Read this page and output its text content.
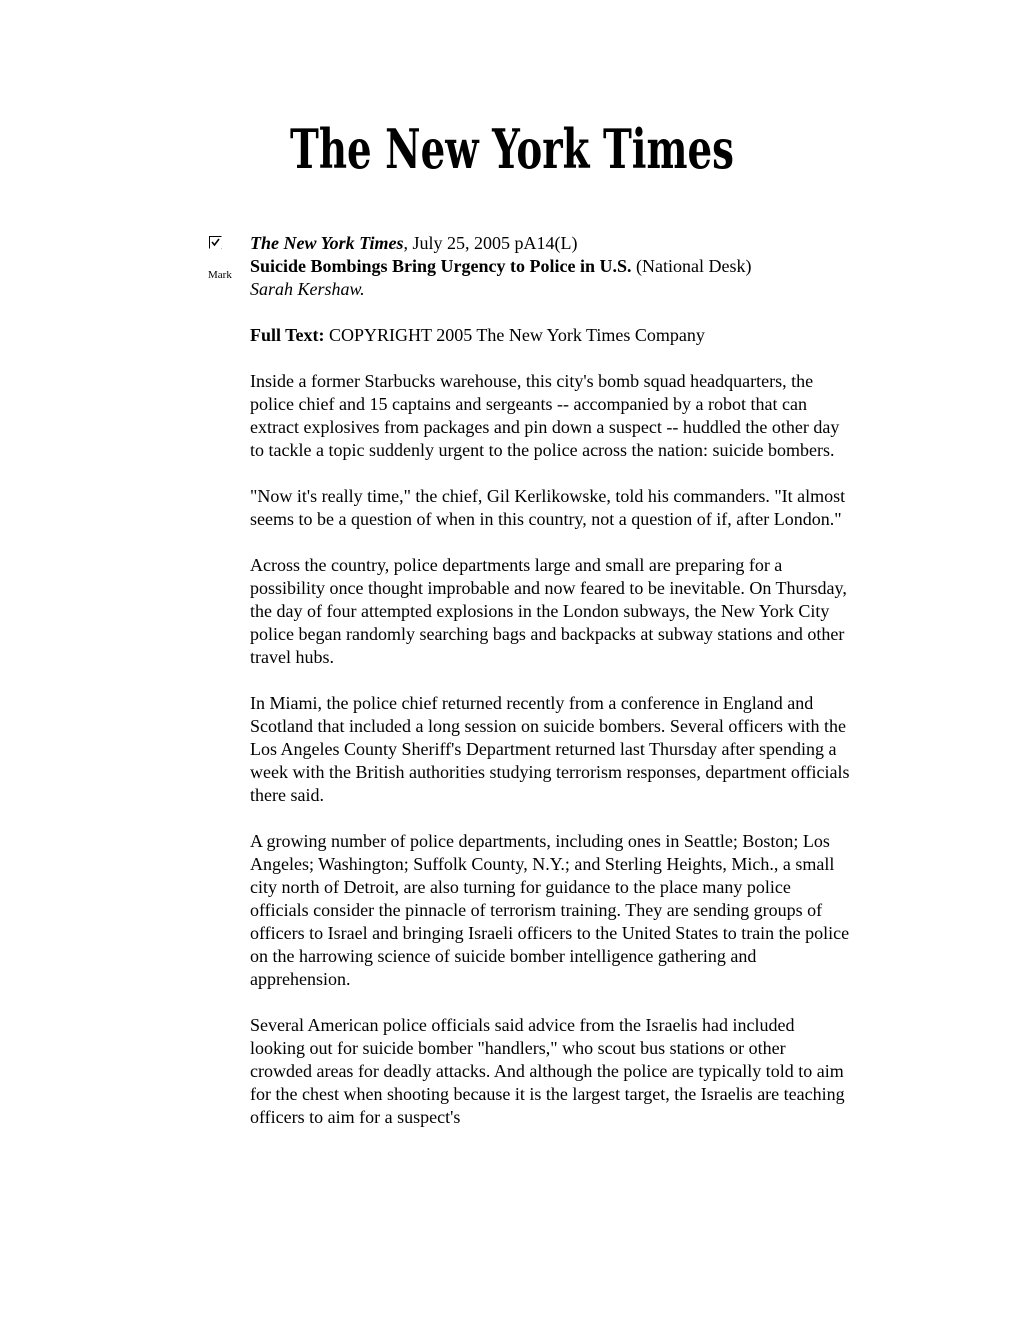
The New York Times
Mark

The New York Times, July 25, 2005 pA14(L)

Suicide Bombings Bring Urgency to Police in U.S. (National Desk)

Sarah Kershaw.

Full Text: COPYRIGHT 2005 The New York Times Company

Inside a former Starbucks warehouse, this city's bomb squad headquarters, the police chief and 15 captains and sergeants -- accompanied by a robot that can extract explosives from packages and pin down a suspect -- huddled the other day to tackle a topic suddenly urgent to the police across the nation: suicide bombers.

"Now it's really time," the chief, Gil Kerlikowske, told his commanders. "It almost seems to be a question of when in this country, not a question of if, after London."

Across the country, police departments large and small are preparing for a possibility once thought improbable and now feared to be inevitable. On Thursday, the day of four attempted explosions in the London subways, the New York City police began randomly searching bags and backpacks at subway stations and other travel hubs.

In Miami, the police chief returned recently from a conference in England and Scotland that included a long session on suicide bombers. Several officers with the Los Angeles County Sheriff's Department returned last Thursday after spending a week with the British authorities studying terrorism responses, department officials there said.

A growing number of police departments, including ones in Seattle; Boston; Los Angeles; Washington; Suffolk County, N.Y.; and Sterling Heights, Mich., a small city north of Detroit, are also turning for guidance to the place many police officials consider the pinnacle of terrorism training. They are sending groups of officers to Israel and bringing Israeli officers to the United States to train the police on the harrowing science of suicide bomber intelligence gathering and apprehension.

Several American police officials said advice from the Israelis had included looking out for suicide bomber "handlers," who scout bus stations or other crowded areas for deadly attacks. And although the police are typically told to aim for the chest when shooting because it is the largest target, the Israelis are teaching officers to aim for a suspect's
